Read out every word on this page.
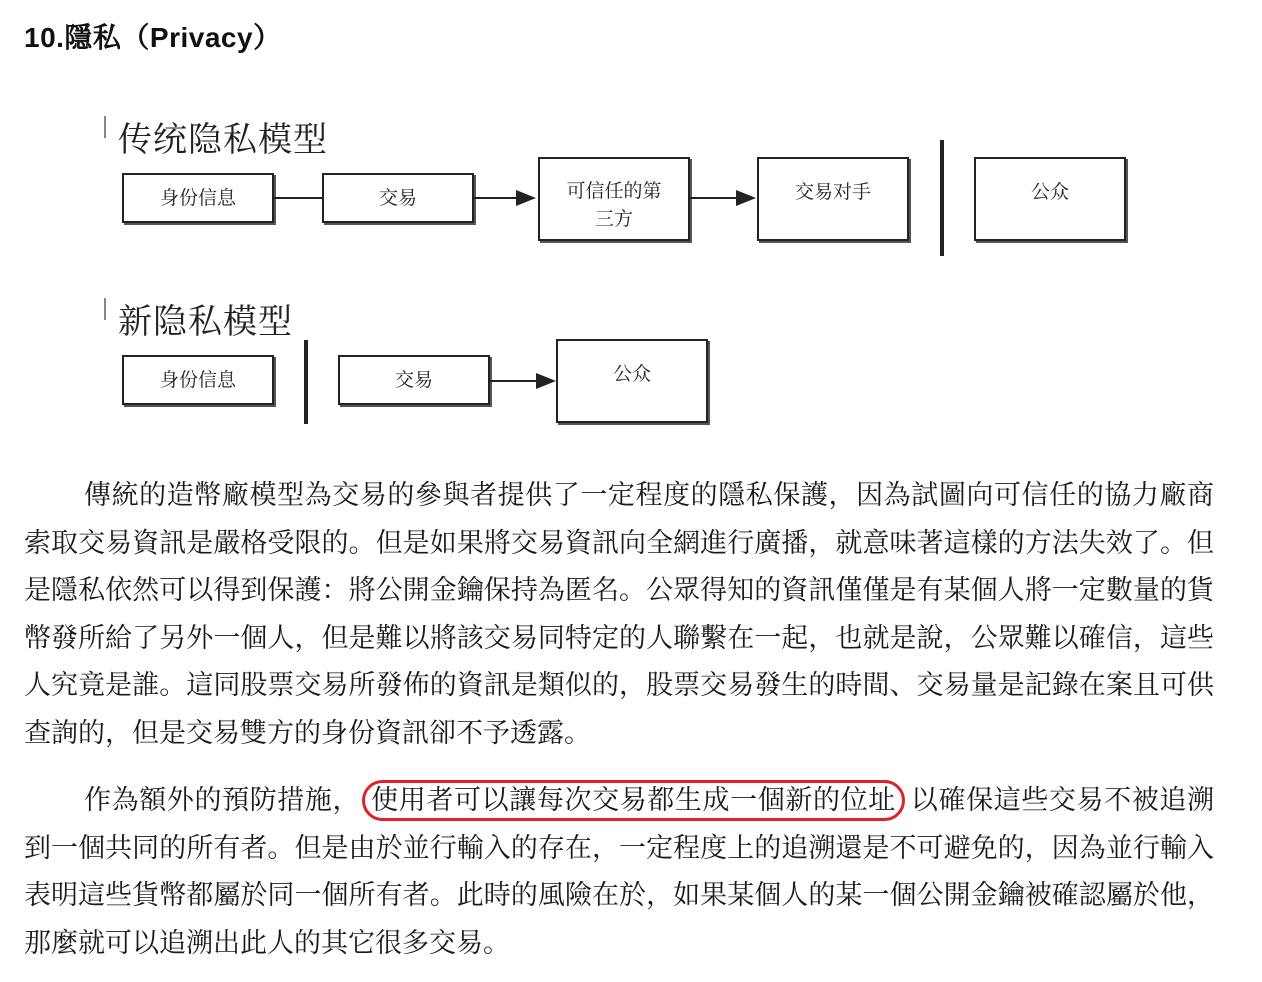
10.隱私（Privacy）
传统隐私模型
身份信息	交易	可信任的第
三方
交易对手	公众
新隐私模型
身份信息	交易	公众

傳統的造幣廠模型為交易的參與者提供了一定程度的隱私保護，因為試圖向可信任的協力廠商索取交易資訊是嚴格受限的。但是如果將交易資訊向全網進行廣播，就意味著這樣的方法失效了。但是隱私依然可以得到保護：將公開金鑰保持為匿名。公眾得知的資訊僅僅是有某個人將一定數量的貨幣發所給了另外一個人，但是難以將該交易同特定的人聯繫在一起，也就是說，公眾難以確信，這些人究竟是誰。這同股票交易所發佈的資訊是類似的，股票交易發生的時間、交易量是記錄在案且可供查詢的，但是交易雙方的身份資訊卻不予透露。

作為額外的預防措施， 使用者可以讓每次交易都生成一個新的位址 以確保這些交易不被追溯到一個共同的所有者。但是由於並行輸入的存在，一定程度上的追溯還是不可避免的，因為並行輸入表明這些貨幣都屬於同一個所有者。此時的風險在於，如果某個人的某一個公開金鑰被確認屬於他，那麼就可以追溯出此人的其它很多交易。
